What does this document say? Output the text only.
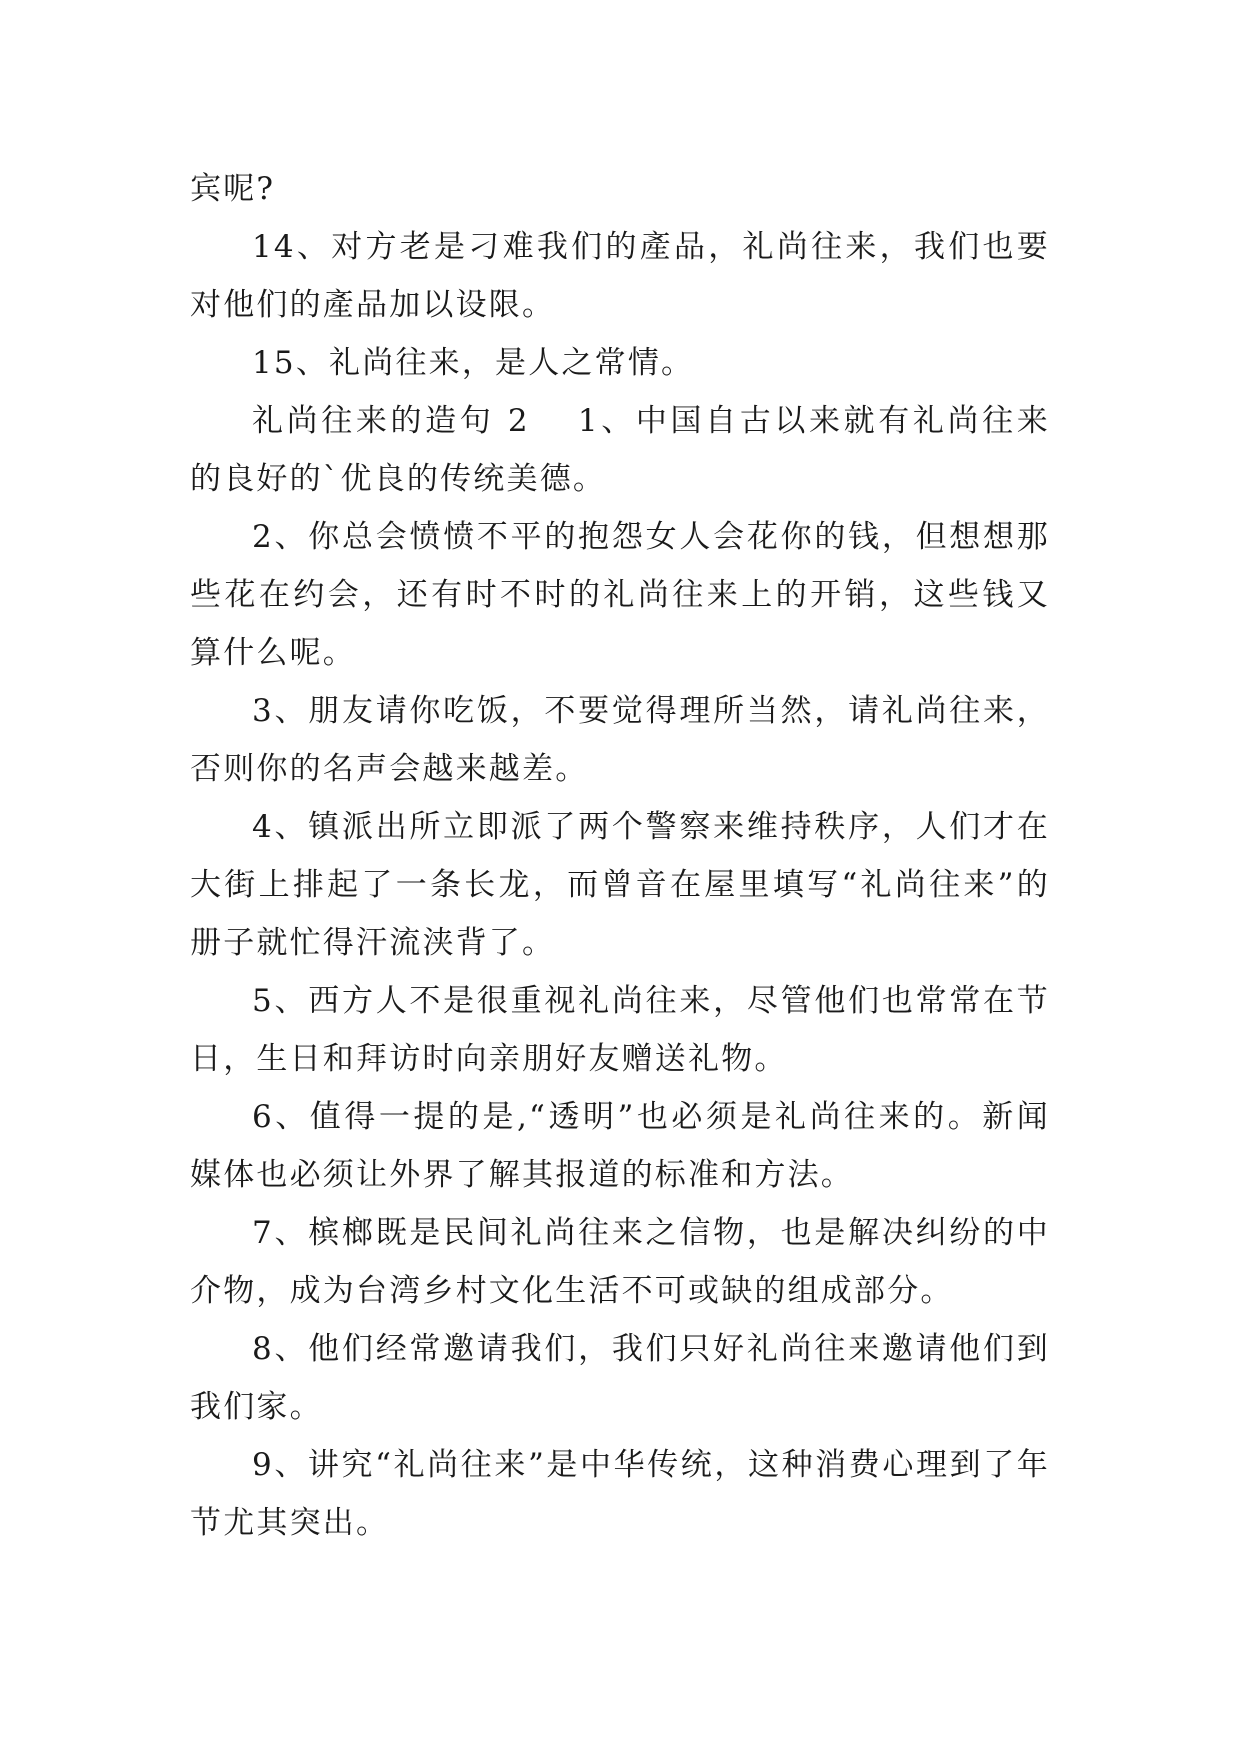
宾呢?

14、对方老是刁难我们的產品，礼尚往来，我们也要对他们的產品加以设限。

15、礼尚往来，是人之常情。

礼尚往来的造句 2 1、中国自古以来就有礼尚往来的良好的`优良的传统美德。

2、你总会愤愤不平的抱怨女人会花你的钱，但想想那些花在约会，还有时不时的礼尚往来上的开销，这些钱又算什么呢。

3、朋友请你吃饭，不要觉得理所当然，请礼尚往来，否则你的名声会越来越差。

4、镇派出所立即派了两个警察来维持秩序，人们才在大街上排起了一条长龙，而曾音在屋里填写“礼尚往来”的册子就忙得汗流浃背了。

5、西方人不是很重视礼尚往来，尽管他们也常常在节日，生日和拜访时向亲朋好友赠送礼物。

6、值得一提的是,“透明”也必须是礼尚往来的。新闻媒体也必须让外界了解其报道的标准和方法。

7、槟榔既是民间礼尚往来之信物，也是解决纠纷的中介物，成为台湾乡村文化生活不可或缺的组成部分。

8、他们经常邀请我们，我们只好礼尚往来邀请他们到我们家。

9、讲究“礼尚往来”是中华传统，这种消费心理到了年节尤其突出。
